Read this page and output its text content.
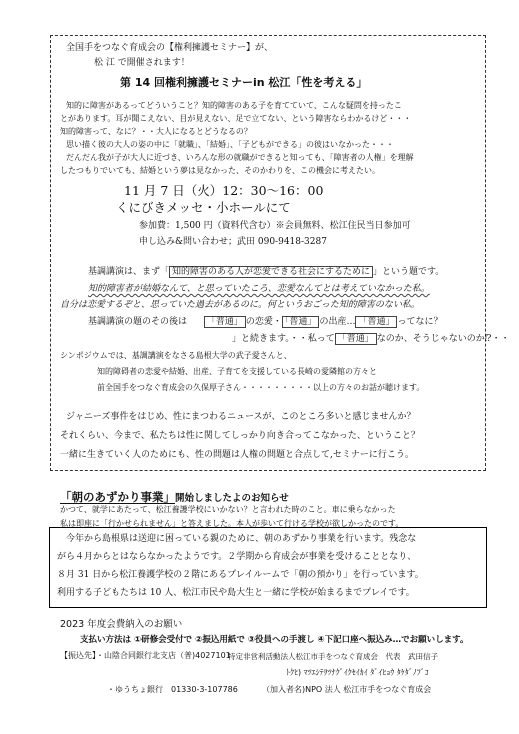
全国手をつなぐ育成会の【権利擁護セミナー】が、
松 江 で開催されます！
第 14 回権利擁護セミナーin 松江「性を考える」
知的に障害があるってどういうこと？知的障害のある子を育てていて、こんな疑問を持ったこ
とがあります。耳が聞こえない、目が見えない、足で立てない、という障害ならわかるけど・・・
知的障害って、なに？・・大人になるとどうなるの？
思い描く彼の大人の姿の中に「就職」、「結婚」、「子どもができる」の彼はいなかった・・・
だんだん我が子が大人に近づき、いろんな形の就職ができると知っても、「障害者の人権」を理解
したつもりでいても、結婚という夢は見なかった、そのかわりを、この機会に考えたい。
11 月 7 日（火）12：30～16：00
くにびきメッセ・小ホールにて
参加費：1,500 円（資料代含む）※会員無料、松江住民当日参加可
申し込み&問い合わせ；武田 090-9418-3287
基調講演は、まず「 知的障害のある人が恋愛できる社会にするために 」という題です。
知的障害者が結婚なんて、と思っていたころ、恋愛なんてとは考えていなかった私。
自分は恋愛するぞと、思っていた過去があるのに。何というおごった知的障害のない私。
基調講演の題のその後は 「普通」 の恋愛・ 「普通」 の出産… 「普通」 ってなに？
」と続きます。・・私って 「普通」 なのか、そうじゃないのか⁉・・
シンポジウムでは、基調講演をなさる島根大学の武子愛さんと、
知的障碍者の恋愛や結婚、出産、子育てを支援している長崎の愛隣館の方々と
前全国手をつなぐ育成会の久保厚子さん・・・・・・・・・以上の方々のお話が聴けます。
ジャニーズ事件をはじめ、性にまつわるニュースが、このところ多いと感じませんか？
それくらい、今まで、私たちは性に関してしっかり向き合ってこなかった、ということ？
一緒に生きていく人のためにも、性の問題は人権の問題と合点して,セミナーに行こう。
「朝のあずかり事業」開始しましたよのお知らせ
かつて、就学にあたって、松江養護学校にいかない？と言われた時のこと。車に乗らなかった
私は即座に「行かせられません」と答えました。本人が歩いて行ける学校が欲しかったのです。
今年から島根県は送迎に困っている親のために、朝のあずかり事業を行います。残念な
がら４月からとはならなかったようです。２学期から育成会が事業を受けることとなり、
８月 31 日から松江養護学校の２階にあるプレイルームで「朝の預かり」を行っています。
利用する子どもたちは 10 人、松江市民や島大生と一緒に学校が始まるまでプレイです。
2023 年度会費納入のお願い
支払い方法は ①研修会受付で ②振込用紙で ③役員への手渡し ④下記口座へ振込み…でお願いします。
【振込先】・山陰合同銀行北支店（普)4027101
特定非営利活動法人松江市手をつなぐ育成会　代表　武田信子
ﾄｸﾋ) ﾏﾂｴｼﾃｦﾂﾅｸﾞｲｸｾｲｶｲ ﾀﾞｲﾋｮｳ ﾀｹﾀﾞﾉﾌﾞｺ
・ゆうちょ銀行　01330-3-107786	（加入者名)NPO 法人 松江市手をつなぐ育成会
